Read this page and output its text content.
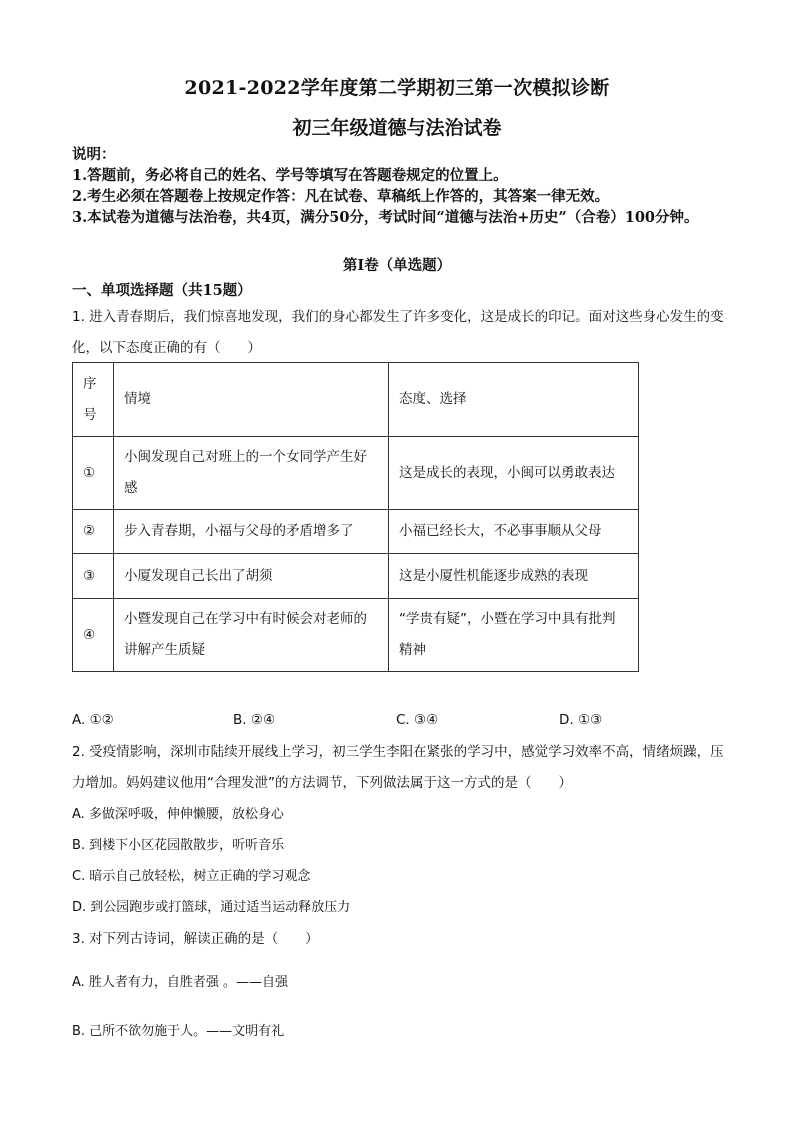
2021-2022学年度第二学期初三第一次模拟诊断
初三年级道德与法治试卷
说明：
1.答题前，务必将自己的姓名、学号等填写在答题卷规定的位置上。
2.考生必须在答题卷上按规定作答：凡在试卷、草稿纸上作答的，其答案一律无效。
3.本试卷为道德与法治卷，共4页，满分50分，考试时间“道德与法治+历史”（合卷）100分钟。
第Ⅰ卷（单选题）
一、单项选择题（共15题）
1. 进入青春期后，我们惊喜地发现，我们的身心都发生了许多变化，这是成长的印记。面对这些身心发生的变化，以下态度正确的有（　　）
序号	情境	态度、选择
①	小闽发现自己对班上的一个女同学产生好感	这是成长的表现，小闽可以勇敢表达
②	步入青春期，小福与父母的矛盾增多了	小福已经长大，不必事事顺从父母
③	小厦发现自己长出了胡须	这是小厦性机能逐步成熟的表现
④	小暨发现自己在学习中有时候会对老师的讲解产生质疑	“学贵有疑”，小暨在学习中具有批判精神
A. ①②	B. ②④	C. ③④	D. ①③
2. 受疫情影响，深圳市陆续开展线上学习，初三学生李阳在紧张的学习中，感觉学习效率不高，情绪烦躁，压力增加。妈妈建议他用“合理发泄”的方法调节，下列做法属于这一方式的是（　　）
A. 多做深呼吸，伸伸懒腰，放松身心
B. 到楼下小区花园散散步，听听音乐
C. 暗示自己放轻松，树立正确的学习观念
D. 到公园跑步或打篮球，通过适当运动释放压力
3. 对下列古诗词，解读正确的是（　　）
A. 胜人者有力，自胜者强 。——自强
B. 己所不欲勿施于人。——文明有礼
